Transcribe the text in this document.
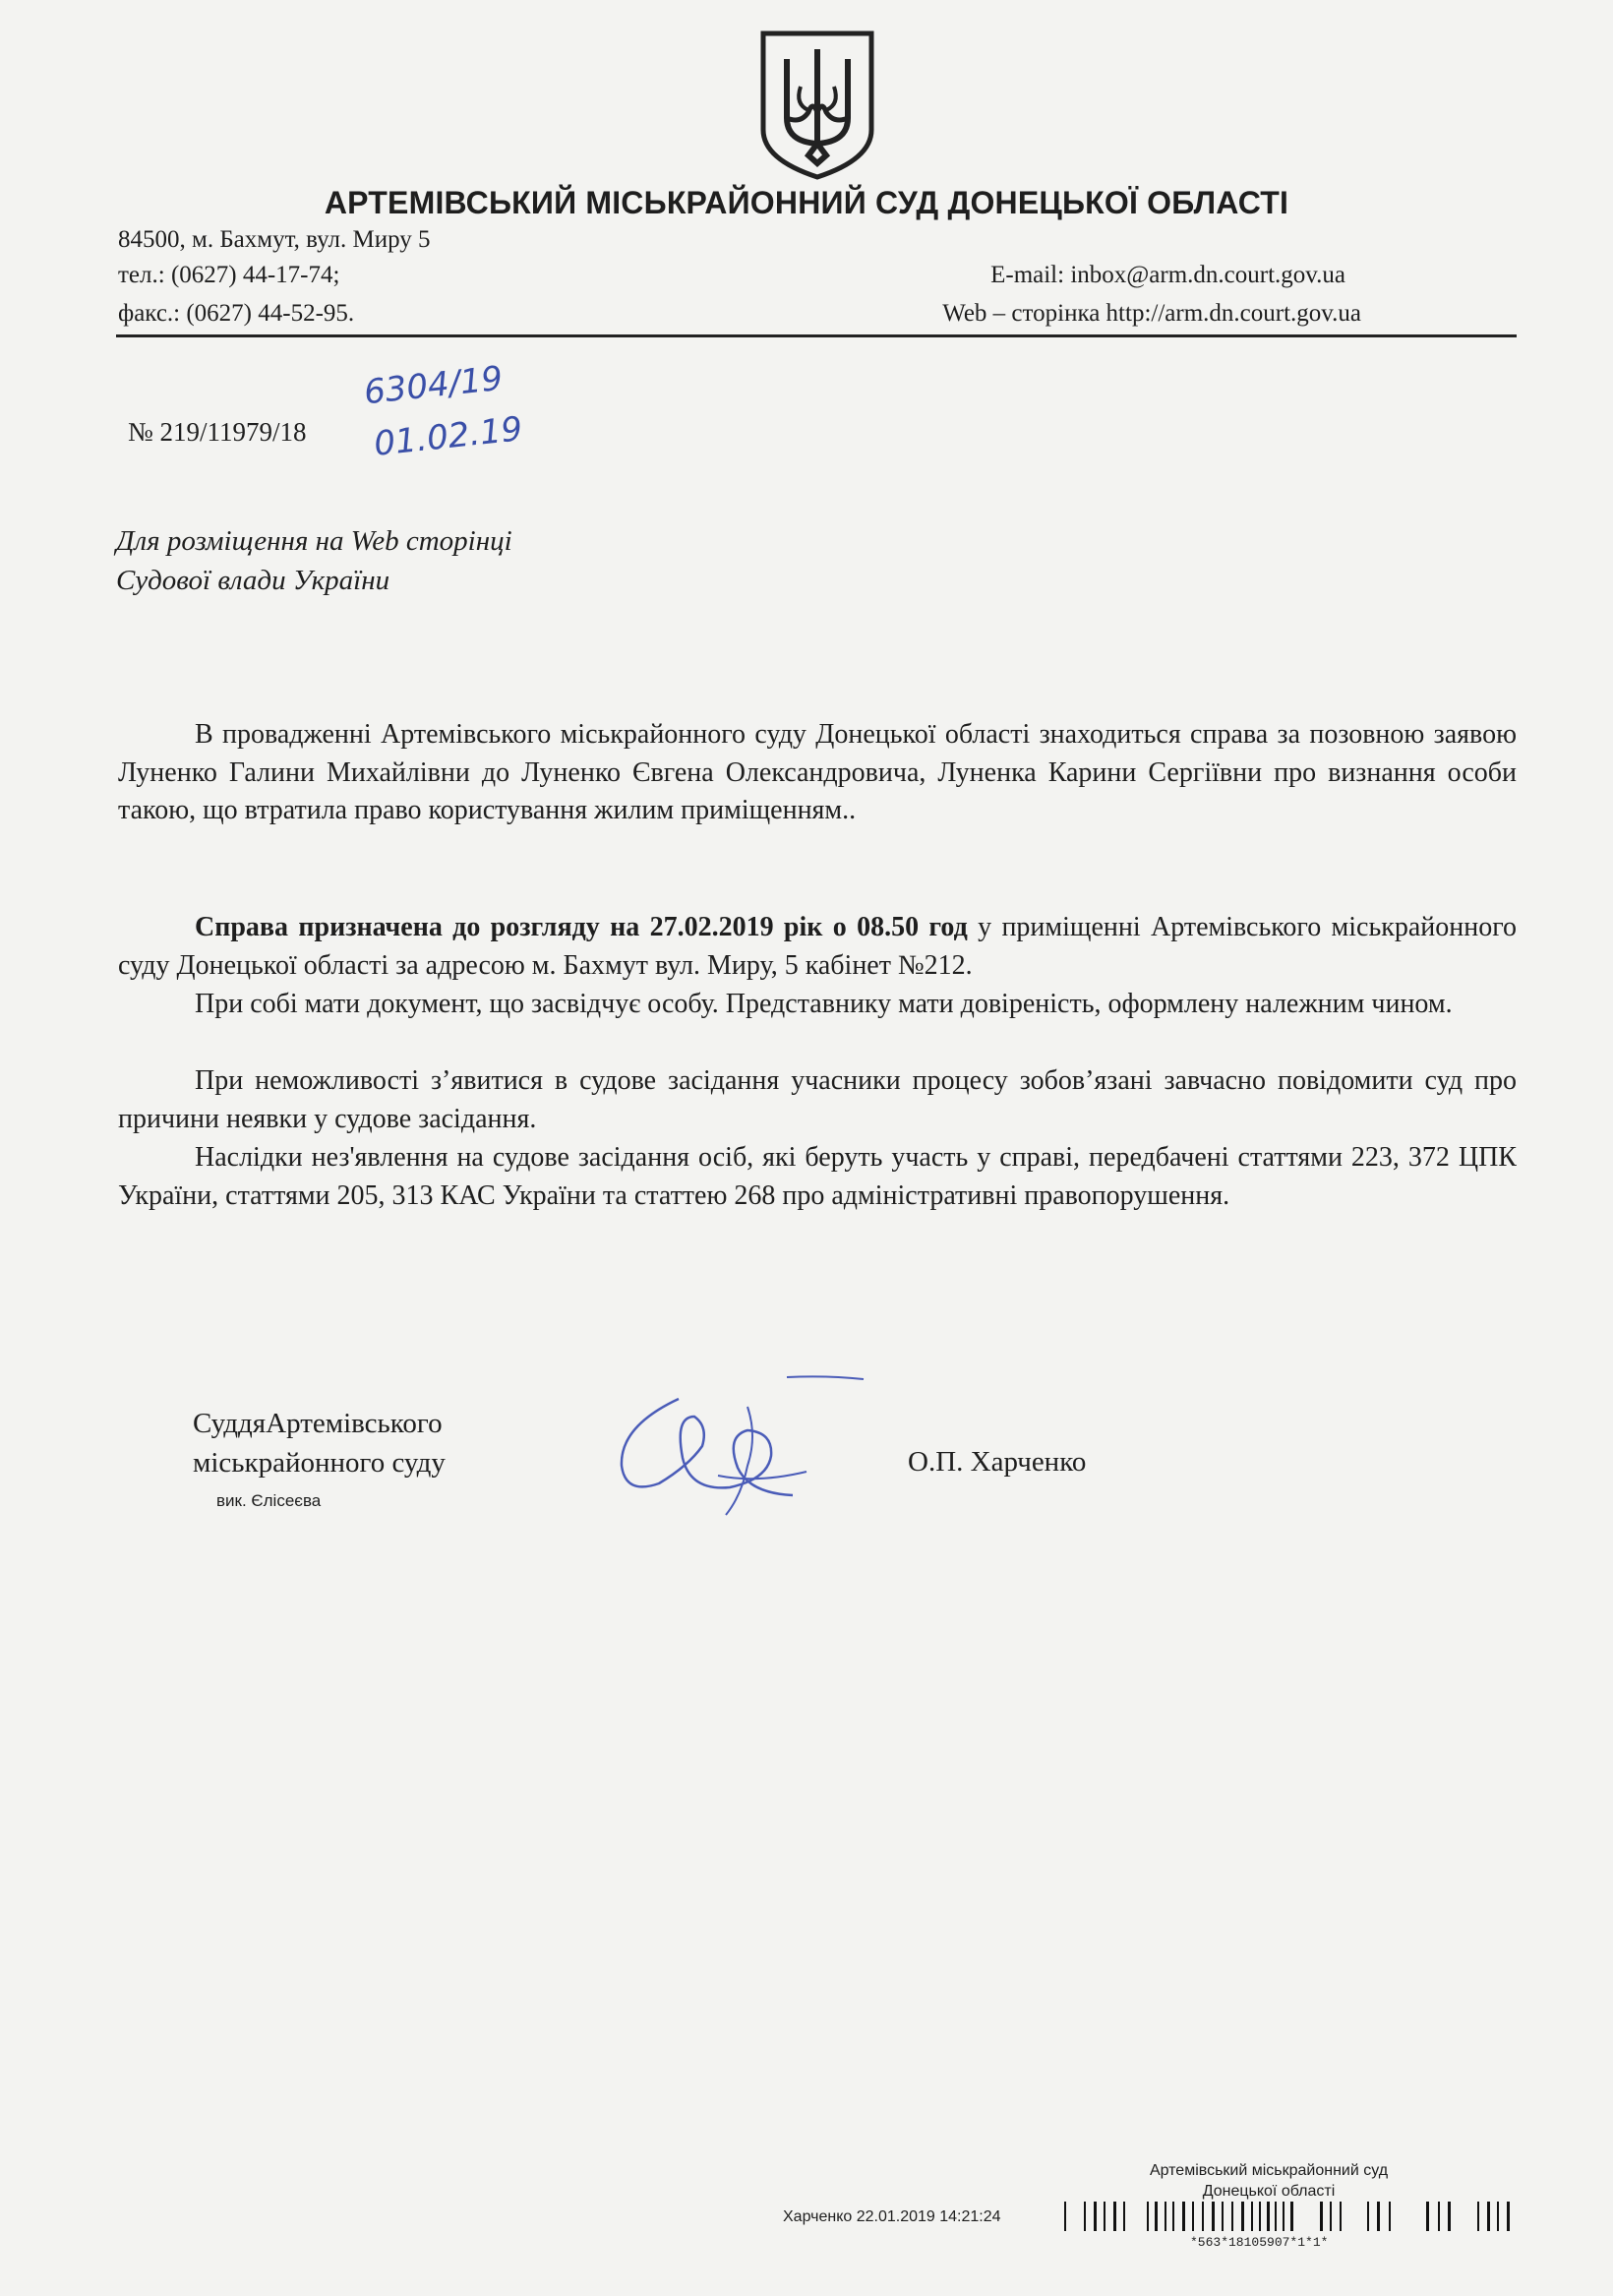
АРТЕМІВСЬКИЙ МІСЬКРАЙОННИЙ СУД ДОНЕЦЬКОЇ ОБЛАСТІ
84500, м. Бахмут, вул. Миру 5
тел.: (0627) 44-17-74;
факс.: (0627) 44-52-95.
E-mail: inbox@arm.dn.court.gov.ua
Web – сторінка http://arm.dn.court.gov.ua
№ 219/11979/18
6304/19
01.02.19
Для розміщення на Web сторінці
Судової влади України

В провадженні Артемівського міськрайонного суду Донецької області знаходиться справа за позовною заявою Луненко Галини Михайлівни до Луненко Євгена Олександровича, Луненка Карини Сергіївни про визнання особи такою, що втратила право користування жилим приміщенням..

Справа призначена до розгляду на 27.02.2019 рік о 08.50 год у приміщенні Артемівського міськрайонного суду Донецької області за адресою м. Бахмут вул. Миру, 5 кабінет №212.

При собі мати документ, що засвідчує особу. Представнику мати довіреність, оформлену належним чином.

При неможливості з’явитися в судове засідання учасники процесу зобов’язані завчасно повідомити суд про причини неявки у судове засідання.

Наслідки нез'явлення на судове засідання осіб, які беруть участь у справі, передбачені статтями 223, 372 ЦПК України, статтями 205, 313 КАС України та статтею 268 про адміністративні правопорушення.

СуддяАртемівського
міськрайонного суду
вик. Єлісеєва
О.П. Харченко
Артемівський міськрайонний суд
Донецької області
Харченко 22.01.2019 14:21:24
*563*18105907*1*1*
